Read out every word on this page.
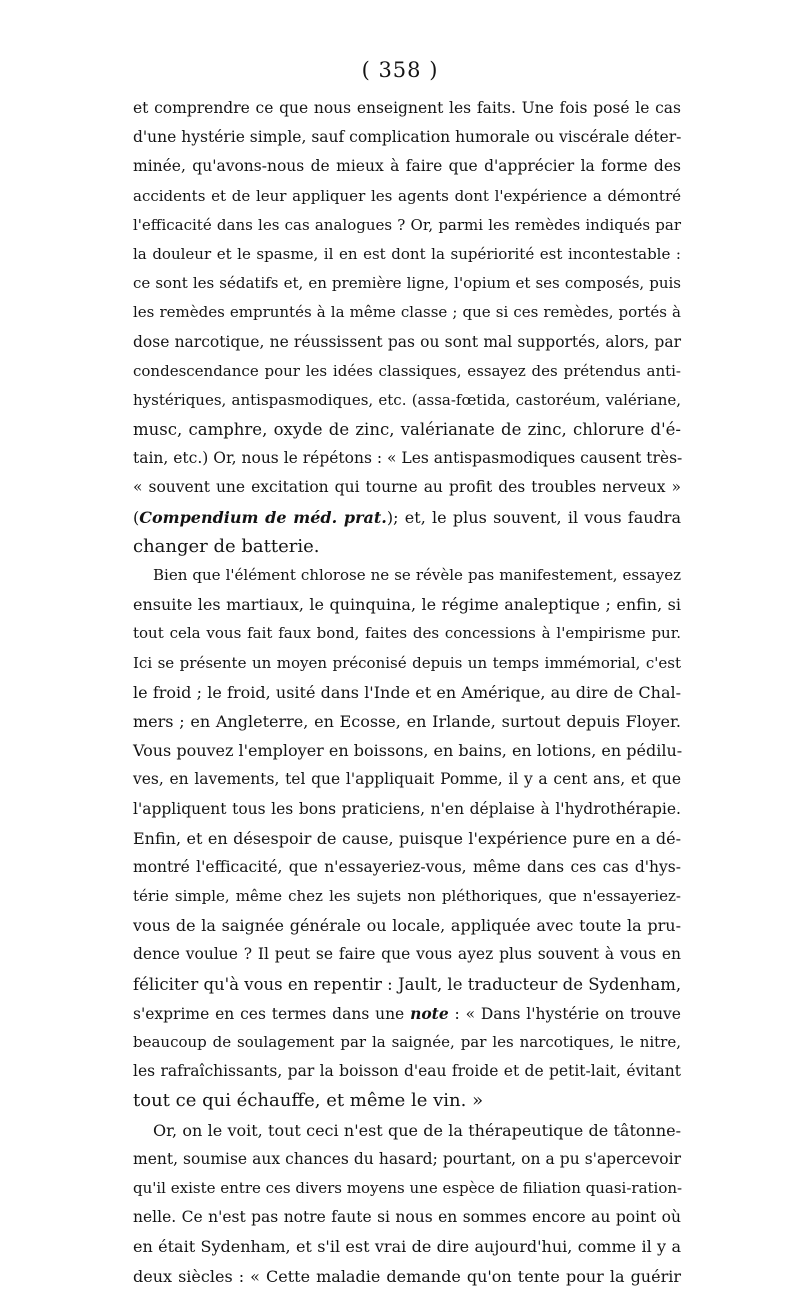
( 358 )
et comprendre ce que nous enseignent les faits. Une fois posé le cas
d'une hystérie simple, sauf complication humorale ou viscérale déter-
minée, qu'avons-nous de mieux à faire que d'apprécier la forme des
accidents et de leur appliquer les agents dont l'expérience a démontré
l'efficacité dans les cas analogues ? Or, parmi les remèdes indiqués par
la douleur et le spasme, il en est dont la supériorité est incontestable :
ce sont les sédatifs et, en première ligne, l'opium et ses composés, puis
les remèdes empruntés à la même classe ; que si ces remèdes, portés à
dose narcotique, ne réussissent pas ou sont mal supportés, alors, par
condescendance pour les idées classiques, essayez des prétendus anti-
hystériques, antispasmodiques, etc. (assa-fœtida, castoréum, valériane,
musc, camphre, oxyde de zinc, valérianate de zinc, chlorure d'é-
tain, etc.) Or, nous le répétons : « Les antispasmodiques causent très-
« souvent une excitation qui tourne au profit des troubles nerveux »
(Compendium de méd. prat.); et, le plus souvent, il vous faudra
changer de batterie.
Bien que l'élément chlorose ne se révèle pas manifestement, essayez
ensuite les martiaux, le quinquina, le régime analeptique ; enfin, si
tout cela vous fait faux bond, faites des concessions à l'empirisme pur.
Ici se présente un moyen préconisé depuis un temps immémorial, c'est
le froid ; le froid, usité dans l'Inde et en Amérique, au dire de Chal-
mers ; en Angleterre, en Ecosse, en Irlande, surtout depuis Floyer.
Vous pouvez l'employer en boissons, en bains, en lotions, en pédilu-
ves, en lavements, tel que l'appliquait Pomme, il y a cent ans, et que
l'appliquent tous les bons praticiens, n'en déplaise à l'hydrothérapie.
Enfin, et en désespoir de cause, puisque l'expérience pure en a dé-
montré l'efficacité, que n'essayeriez-vous, même dans ces cas d'hys-
térie simple, même chez les sujets non pléthoriques, que n'essayeriez-
vous de la saignée générale ou locale, appliquée avec toute la pru-
dence voulue ? Il peut se faire que vous ayez plus souvent à vous en
féliciter qu'à vous en repentir : Jault, le traducteur de Sydenham,
s'exprime en ces termes dans une note : « Dans l'hystérie on trouve
beaucoup de soulagement par la saignée, par les narcotiques, le nitre,
les rafraîchissants, par la boisson d'eau froide et de petit-lait, évitant
tout ce qui échauffe, et même le vin. »
Or, on le voit, tout ceci n'est que de la thérapeutique de tâtonne-
ment, soumise aux chances du hasard; pourtant, on a pu s'apercevoir
qu'il existe entre ces divers moyens une espèce de filiation quasi-ration-
nelle. Ce n'est pas notre faute si nous en sommes encore au point où
en était Sydenham, et s'il est vrai de dire aujourd'hui, comme il y a
deux siècles : « Cette maladie demande qu'on tente pour la guérir
